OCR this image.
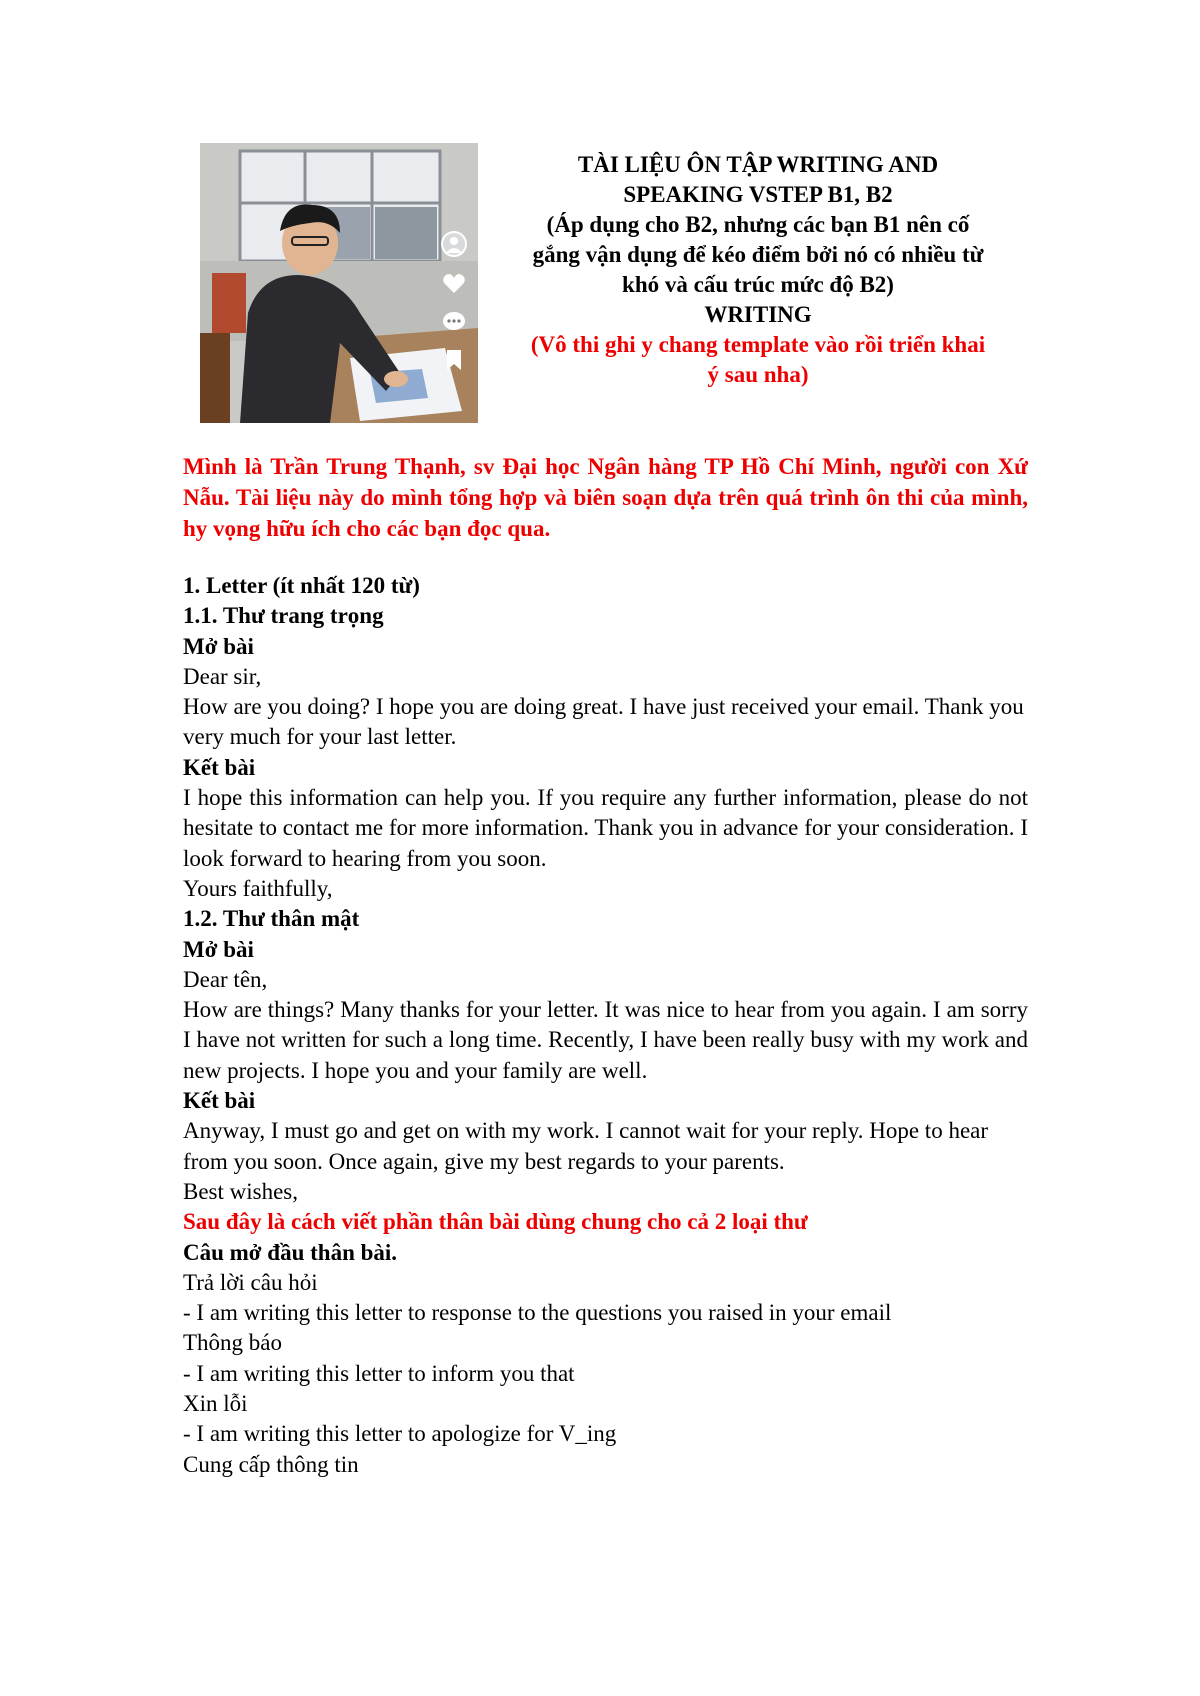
TÀI LIỆU ÔN TẬP WRITING AND
SPEAKING VSTEP B1, B2
(Áp dụng cho B2, nhưng các bạn B1 nên cố
gắng vận dụng để kéo điểm bởi nó có nhiều từ
khó và cấu trúc mức độ B2)
WRITING
(Vô thi ghi y chang template vào rồi triển khai
ý sau nha)
Mình là Trần Trung Thạnh, sv Đại học Ngân hàng TP Hồ Chí Minh, người con Xứ Nẫu. Tài liệu này do mình tổng hợp và biên soạn dựa trên quá trình ôn thi của mình, hy vọng hữu ích cho các bạn đọc qua.

1. Letter (ít nhất 120 từ)

1.1. Thư trang trọng

Mở bài

Dear sir,

How are you doing? I hope you are doing great. I have just received your email. Thank you very much for your last letter.

Kết bài

I hope this information can help you. If you require any further information, please do not hesitate to contact me for more information. Thank you in advance for your consideration. I look forward to hearing from you soon.

Yours faithfully,

1.2. Thư thân mật

Mở bài

Dear tên,

How are things? Many thanks for your letter. It was nice to hear from you again. I am sorry I have not written for such a long time. Recently, I have been really busy with my work and new projects. I hope you and your family are well.

Kết bài

Anyway, I must go and get on with my work. I cannot wait for your reply. Hope to hear from you soon. Once again, give my best regards to your parents.

Best wishes,

Sau đây là cách viết phần thân bài dùng chung cho cả 2 loại thư

Câu mở đầu thân bài.

Trả lời câu hỏi

- I am writing this letter to response to the questions you raised in your email

Thông báo

- I am writing this letter to inform you that

Xin lỗi

- I am writing this letter to apologize for V_ing

Cung cấp thông tin
